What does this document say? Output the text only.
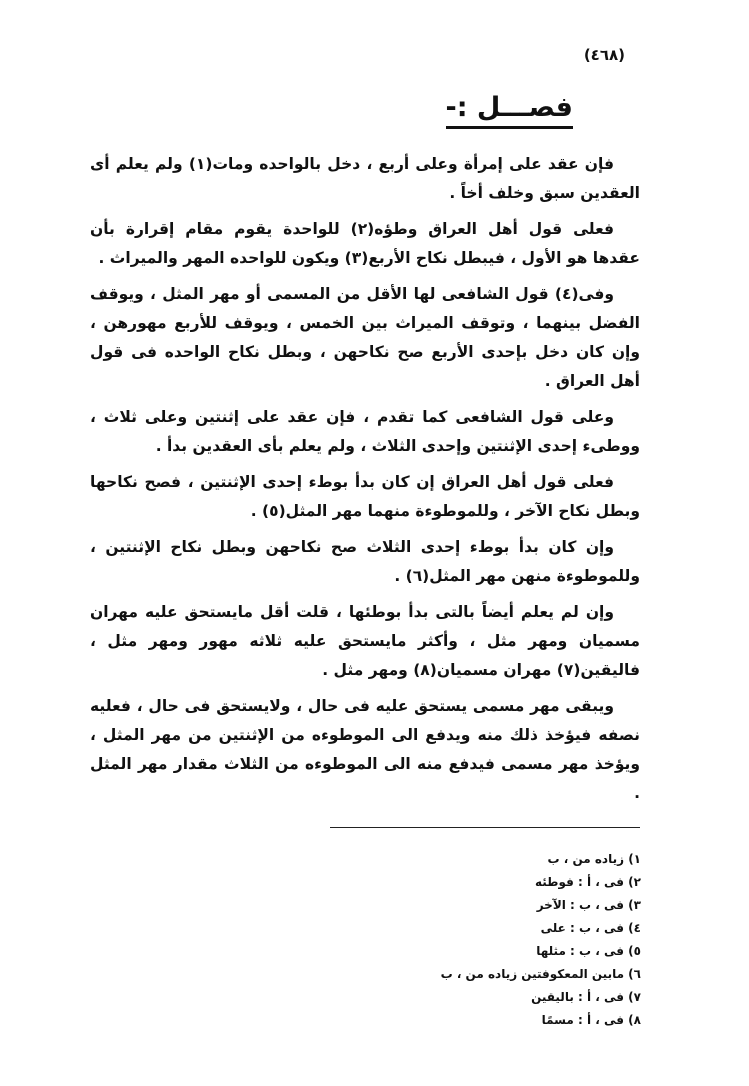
(٤٦٨)
فصـــل :-

فإن عقد على إمرأة وعلى أربع ، دخل بالواحده ومات(١) ولم يعلم أى العقدين سبق وخلف أخاً .

فعلى قول أهل العراق وطؤه(٢) للواحدة يقوم مقام إقرارة بأن عقدها هو الأول ، فيبطل نكاح الأربع(٣) ويكون للواحده المهر والميراث .

وفى(٤) قول الشافعى لها الأقل من المسمى أو مهر المثل ، ويوقف الفضل بينهما ، وتوقف الميراث بين الخمس ، ويوقف للأربع مهورهن ، وإن كان دخل بإحدى الأربع صح نكاحهن ، وبطل نكاح الواحده فى قول أهل العراق .

وعلى قول الشافعى كما تقدم ، فإن عقد على إثنتين وعلى ثلاث ، ووطىء إحدى الإثنتين وإحدى الثلاث ، ولم يعلم بأى العقدين بدأ .

فعلى قول أهل العراق إن كان بدأ بوطء إحدى الإثنتين ، فصح نكاحها وبطل نكاح الآخر ، وللموطوءة منهما مهر المثل(٥) .

وإن كان بدأ بوطء إحدى الثلاث صح نكاحهن وبطل نكاح الإثنتين ، وللموطوءة منهن مهر المثل(٦) .

وإن لم يعلم أيضاً بالتى بدأ بوطئها ، قلت أقل مايستحق عليه مهران مسميان ومهر مثل ، وأكثر مايستحق عليه ثلاثه مهور ومهر مثل ، فاليقين(٧) مهران مسميان(٨) ومهر مثل .

ويبقى مهر مسمى يستحق عليه فى حال ، ولايستحق فى حال ، فعليه نصفه فيؤخذ ذلك منه ويدفع الى الموطوءه من الإثنتين من مهر المثل ، ويؤخذ مهر مسمى فيدفع منه الى الموطوءه من الثلاث مقدار مهر المثل .

١) زياده من ، ب
٢) فى ، أ : فوطئه
٣) فى ، ب : الآخر
٤) فى ، ب : على
٥) فى ، ب : مثلها
٦) مابين المعكوفتين زياده من ، ب
٧) فى ، أ : باليقين
٨) فى ، أ : مسمًا
